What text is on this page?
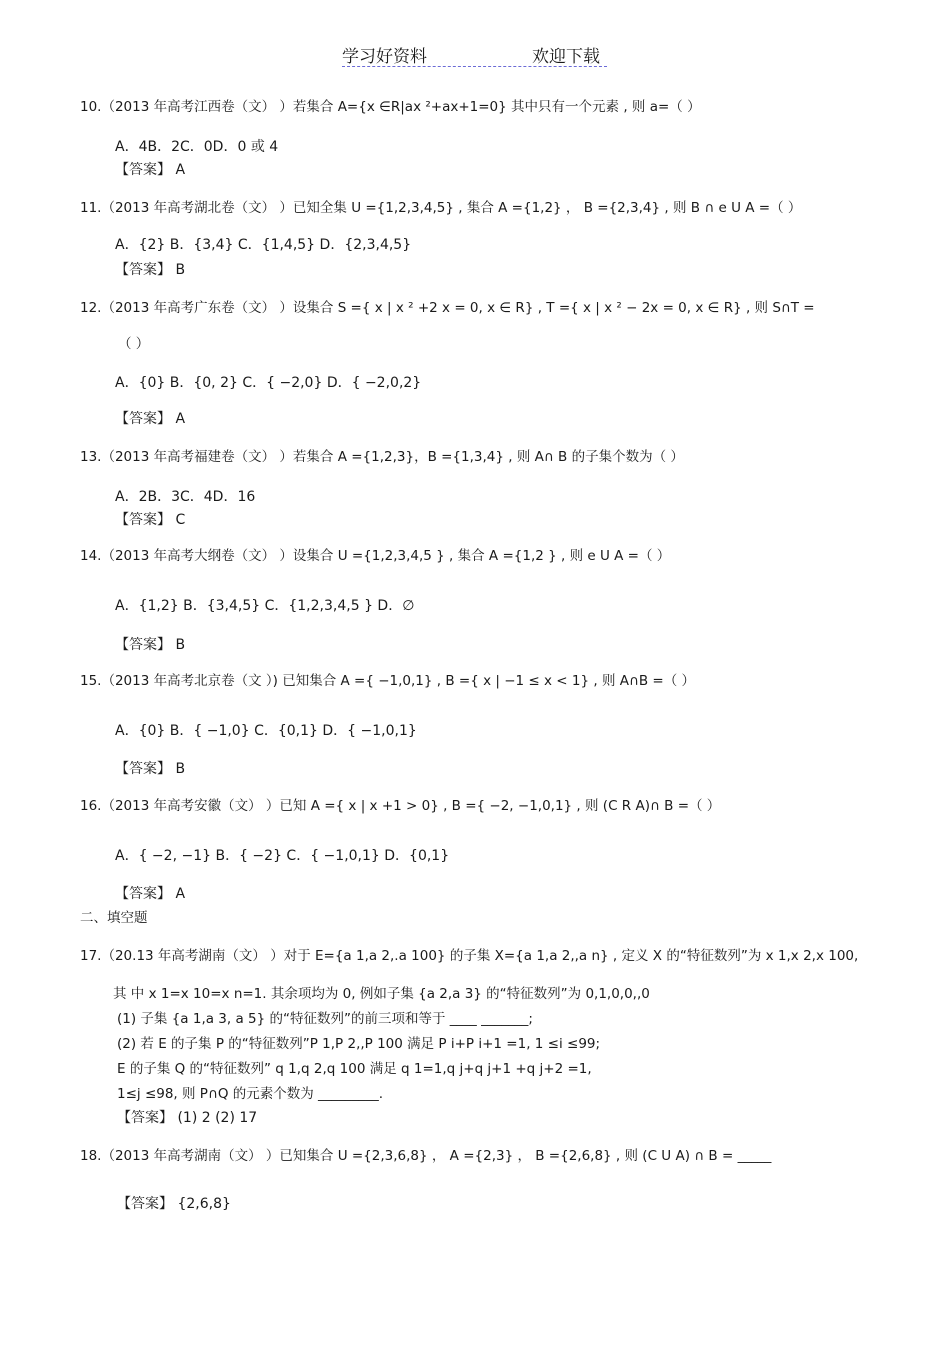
学习好资料	欢迎下载
10.（2013 年高考江西卷（文） ）若集合 A={x ∈R|ax ²+ax+1=0} 其中只有一个元素 , 则 a=（ ）
A．4B．2C．0D．0 或 4
【答案】 A
11.（2013 年高考湖北卷（文） ）已知全集 U ={1,2,3,4,5} , 集合 A ={1,2} ， B ={2,3,4} , 则 B ∩ e U A =（ ）
A．{2} B．{3,4} C．{1,4,5} D．{2,3,4,5}
【答案】 B
12.（2013 年高考广东卷（文） ）设集合 S ={ x | x ² +2 x = 0, x ∈ R} , T ={ x | x ² − 2x = 0, x ∈ R} , 则 S∩T =
（ ）
A．{0} B．{0, 2} C．{ −2,0} D．{ −2,0,2}
【答案】 A
13.（2013 年高考福建卷（文） ）若集合 A ={1,2,3}，B ={1,3,4} , 则 A∩ B 的子集个数为（ ）
A．2B．3C．4D．16
【答案】 C
14.（2013 年高考大纲卷（文） ）设集合 U ={1,2,3,4,5 } , 集合 A ={1,2 } , 则 e U A =（ ）
A．{1,2} B．{3,4,5} C．{1,2,3,4,5 } D．∅
【答案】 B
15.（2013 年高考北京卷（文 ）) 已知集合 A ={ −1,0,1} , B ={ x | −1 ≤ x < 1} , 则 A∩B =（ ）
A．{0} B．{ −1,0} C．{0,1} D．{ −1,0,1}
【答案】 B
16.（2013 年高考安徽（文） ）已知 A ={ x | x +1 > 0} , B ={ −2, −1,0,1} , 则 (C R A)∩ B =（ ）
A．{ −2, −1} B．{ −2} C．{ −1,0,1} D．{0,1}
【答案】 A
二、填空题
17.（20.13 年高考湖南（文） ）对于 E={a 1,a 2,.a 100} 的子集 X={a 1,a 2,,a n} , 定义 X 的“特征数列”为 x 1,x 2,x 100,
其 中 x 1=x 10=x n=1. 其余项均为 0, 例如子集 {a 2,a 3} 的“特征数列”为 0,1,0,0,,0
(1) 子集 {a 1,a 3, a 5} 的“特征数列”的前三项和等于 ____ _______;
(2) 若 E 的子集 P 的“特征数列”P 1,P 2,,P 100 满足 P i+P i+1 =1, 1 ≤i ≤99;
E 的子集 Q 的“特征数列” q 1,q 2,q 100 满足 q 1=1,q j+q j+1 +q j+2 =1,
1≤j ≤98, 则 P∩Q 的元素个数为 _________.
【答案】 (1) 2 (2) 17
18.（2013 年高考湖南（文） ）已知集合 U ={2,3,6,8} ， A ={2,3} ， B ={2,6,8} , 则 (C U A) ∩ B = _____
【答案】 {2,6,8}
